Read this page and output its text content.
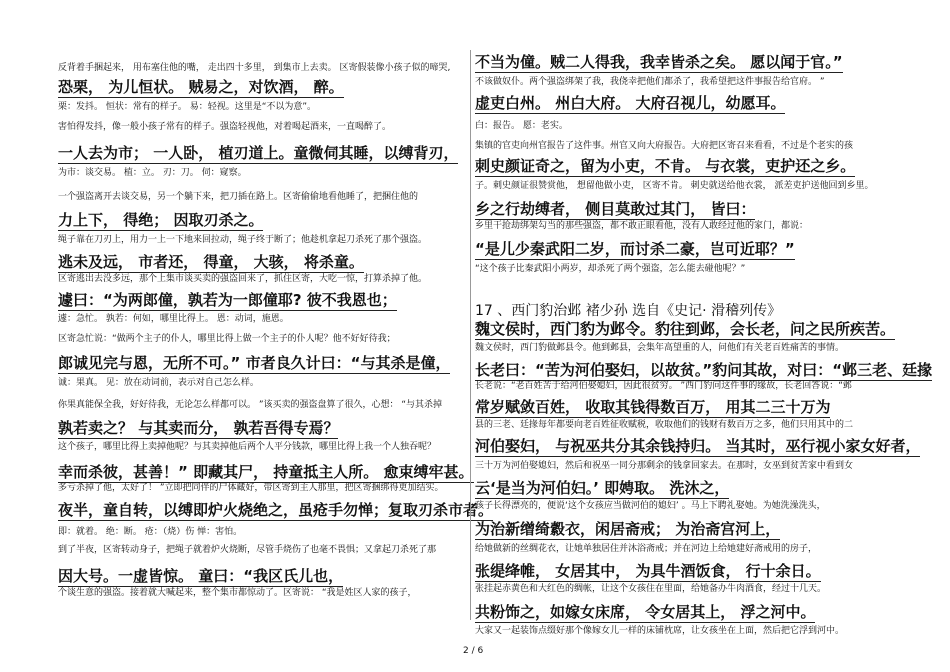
反背着手捆起来， 用布塞住他的嘴， 走出四十多里， 到集市上去卖。 区寄假装像小孩子似的啼哭,
恐栗， 为儿恒状。 贼易之，对饮酒， 醉。
栗：发抖。 恒状：常有的样子。 易：轻视。这里是“不以为意”。
害怕得发抖，像一般小孩子常有的样子。强盗轻视他，对着喝起酒来，一直喝醉了。
一人去为市； 一人卧， 植刃道上。童微伺其睡，以缚背刃，
为市：谈交易。 植：立。 刃：刀。 伺：窥察。
一个强盗离开去谈交易，另一个躺下来，把刀插在路上。区寄偷偷地看他睡了，把捆住他的
力上下， 得绝； 因取刃杀之。
绳子靠在刀刃上，用力一上一下地来回拉动，绳子终于断了；他趁机拿起刀杀死了那个强盗。
逃未及远， 市者还， 得童， 大骇， 将杀童。
区寄逃出去没多远，那个上集市谈买卖的强盗回来了，抓住区寄，大吃一惊，打算杀掉了他。
遽曰：“为两郎僮，孰若为一郎僮耶? 彼不我恩也；
遽：急忙。 孰若：何如，哪里比得上。 恩：动词，施恩。
区寄急忙说：“做两个主子的仆人，哪里比得上做一个主子的仆人呢？他不好好待我；
郎诚见完与恩，无所不可。” 市者良久计曰：“与其杀是僮，
诚：果真。 见：放在动词前，表示对自己怎么样。
你果真能保全我，好好待我，无论怎么样都可以。 ”该买卖的强盗盘算了很久，心想： “与其杀掉
孰若卖之？ 与其卖而分， 孰若吾得专焉？
这个孩子，哪里比得上卖掉他呢？与其卖掉他后两个人平分钱款，哪里比得上我一个人独吞呢？
幸而杀彼，甚善！” 即藏其尸， 持童抵主人所。 愈束缚牢甚。
多亏杀掉了他，太好了！ ”立即把同伴的尸体藏好，带区寄到主人那里，把区寄捆绑得更加结实。
夜半，童自转，以缚即炉火烧绝之，虽疮手勿惮；复取刃杀市者。
即：就着。 绝：断。 疮：（烧）伤 惮：害怕。
到了半夜，区寄转动身子，把绳子就着炉火烧断，尽管手烧伤了也毫不畏惧；又拿起刀杀死了那
因大号。一虚皆惊。 童曰：“我区氏儿也，
个谈生意的强盗。接着就大喊起来，整个集市都惊动了。区寄说： “我是姓区人家的孩子，
不当为僮。贼二人得我，我幸皆杀之矣。 愿以闻于官。”
不该做奴仆。两个强盗绑架了我，我侥幸把他们都杀了，我希望把这件事报告给官府。 ”
虚吏白州。 州白大府。 大府召视儿，幼愿耳。
白：报告。 愿：老实。
集镇的官吏向州官报告了这件事。州官又向大府报告。大府把区寄召来看看，不过是个老实的孩
刺史颜证奇之，留为小吏，不肯。 与衣裳，吏护还之乡。
子。刺史颜证很赞赏他， 想留他做小吏， 区寄不肯。 刺史就送给他衣裳， 派差吏护送他回到乡里。
乡之行劫缚者， 侧目莫敢过其门， 皆曰：
乡里干抢劫绑架勾当的那些强盗，都不敢正眼看他，没有人敢经过他的家门，都说：
“是儿少秦武阳二岁，而讨杀二豪，岂可近耶？”
“这个孩子比秦武阳小两岁，却杀死了两个强盗，怎么能去碰他呢？”
17 、西门豹治邺 褚少孙 选自《史记· 滑稽列传》
魏文侯时，西门豹为邺令。豹往到邺，会长老，问之民所疾苦。
魏文侯时，西门豹做邺县令。他到邺县，会集年高望重的人，问他们有关老百姓痛苦的事情。
长老曰：“苦为河伯娶妇，以故贫。”豹问其故，对曰：“邺三老、廷掾
长老说：“老百姓苦于给河伯娶媳妇，因此很贫穷。 ”西门豹问这件事的缘故，长老回答说：“邺
常岁赋敛百姓， 收取其钱得数百万， 用其二三十万为
县的三老、廷掾每年都要向老百姓征收赋税，收取他们的钱财有数百万之多，他们只用其中的二
河伯娶妇， 与祝巫共分其余钱持归。 当其时，巫行视小家女好者，
三十万为河伯娶媳妇，然后和祝巫一同分那剩余的钱拿回家去。在那时，女巫到贫苦家中看到女
云‘是当为河伯妇。’ 即娉取。 洗沐之，
孩子长得漂亮的，便说‘这个女孩应当做河伯的媳妇’ 。马上下聘礼娶她。为她洗澡洗头，
为治新缯绮縠衣，闲居斋戒； 为治斋宫河上，
给她做新的丝绸花衣，让她单独居住并沐浴斋戒；并在河边上给她建好斋戒用的房子，
张缇绛帷， 女居其中， 为具牛酒饭食， 行十余日。
张挂起赤黄色和大红色的绸帐，让这个女孩住在里面，给她备办牛肉酒食，经过十几天。
共粉饰之，如嫁女床席， 令女居其上， 浮之河中。
大家又一起装饰点缀好那个像嫁女儿一样的床铺枕席，让女孩坐在上面，然后把它浮到河中。
2 / 6
